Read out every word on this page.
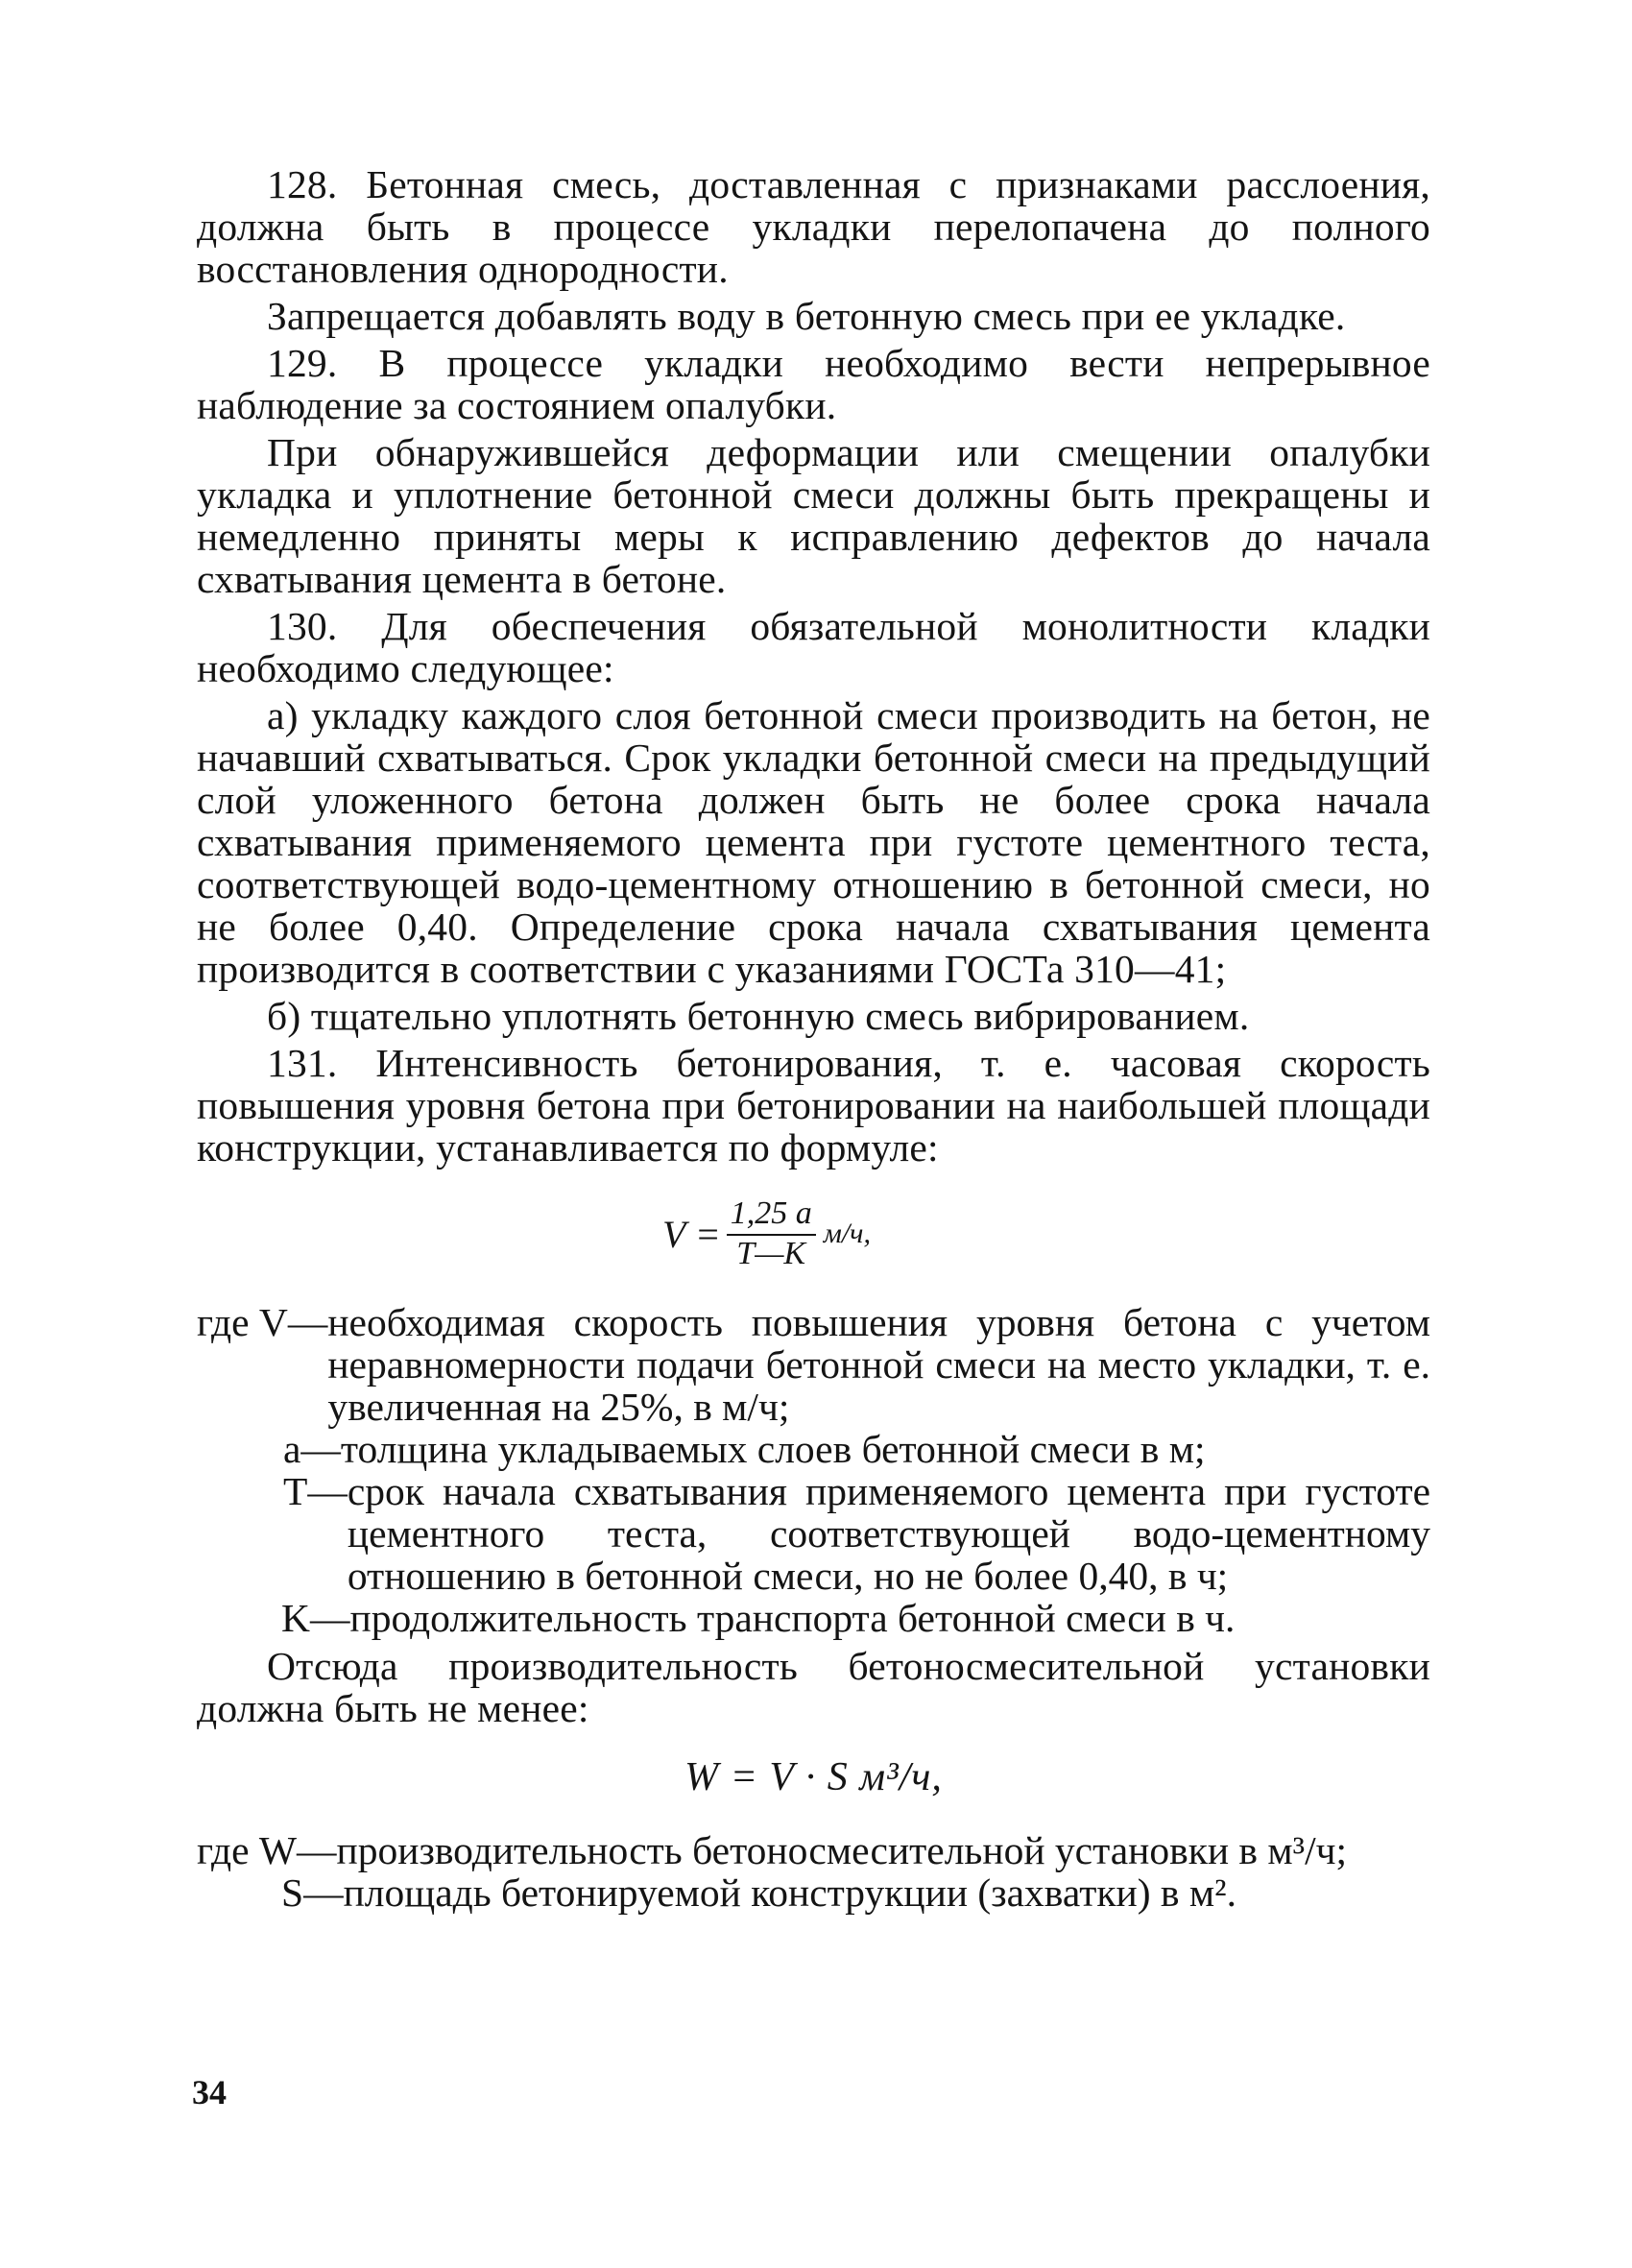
128. Бетонная смесь, доставленная с признаками расслоения, должна быть в процессе укладки перелопачена до полного восстановления однородности.

Запрещается добавлять воду в бетонную смесь при ее укладке.

129. В процессе укладки необходимо вести непрерывное наблюдение за состоянием опалубки.

При обнаружившейся деформации или смещении опалубки укладка и уплотнение бетонной смеси должны быть прекращены и немедленно приняты меры к исправлению дефектов до начала схватывания цемента в бетоне.

130. Для обеспечения обязательной монолитности кладки необходимо следующее:

а) укладку каждого слоя бетонной смеси производить на бетон, не начавший схватываться. Срок укладки бетонной смеси на предыдущий слой уложенного бетона должен быть не более срока начала схватывания применяемого цемента при густоте цементного теста, соответствующей водо-цементному отношению в бетонной смеси, но не более 0,40. Определение срока начала схватывания цемента производится в соответствии с указаниями ГОСТа 310—41;

б) тщательно уплотнять бетонную смесь вибрированием.

131. Интенсивность бетонирования, т. е. часовая скорость повышения уровня бетона при бетонировании на наибольшей площади конструкции, устанавливается по формуле:

$V = \frac{1,25 a}{T—K} м/ч$,
где V— необходимая скорость повышения уровня бетона с учетом неравномерности подачи бетонной смеси на место укладки, т. е. увеличенная на 25%, в м/ч;
a— толщина укладываемых слоев бетонной смеси в м;
T— срок начала схватывания применяемого цемента при густоте цементного теста, соответствующей водо-цементному отношению в бетонной смеси, но не более 0,40, в ч;
K— продолжительность транспорта бетонной смеси в ч.

Отсюда производительность бетоносмесительной установки должна быть не менее:

W = V · S м³/ч,
где W— производительность бетоносмесительной установки в м³/ч;
S— площадь бетонируемой конструкции (захватки) в м².
34
